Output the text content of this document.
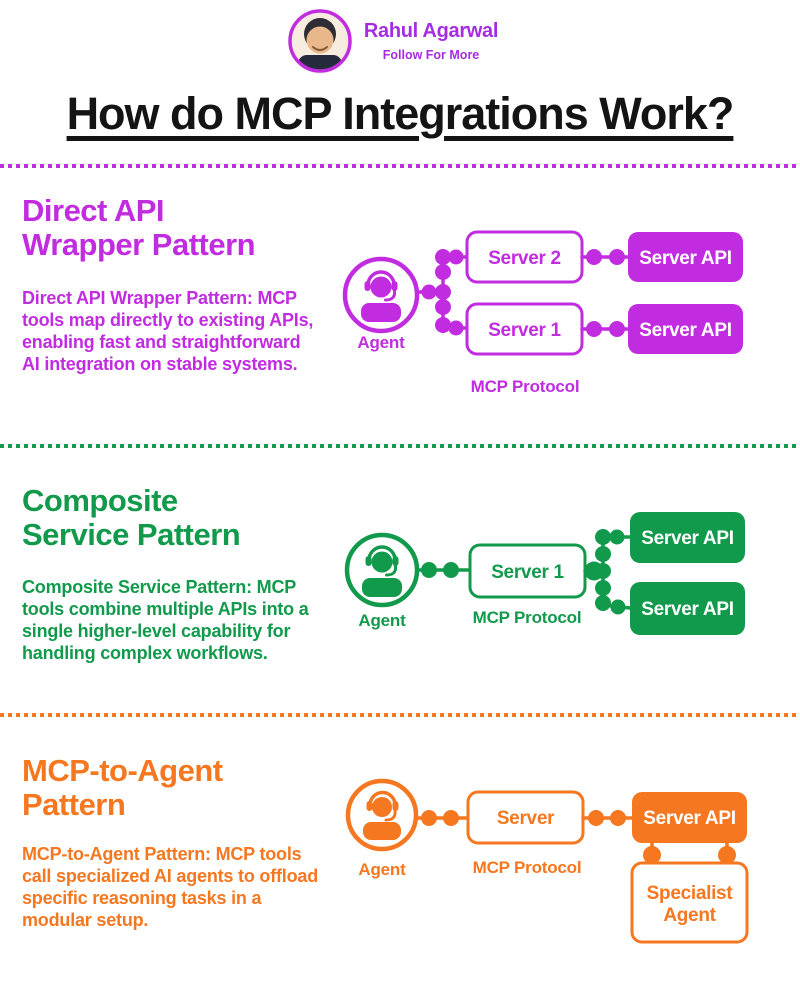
Rahul Agarwal
Follow For More
How do MCP Integrations Work?
Direct API
Wrapper Pattern

Direct API Wrapper Pattern: MCP tools map directly to existing APIs, enabling fast and straightforward AI integration on stable systems.

Agent
Server 2
Server 1
Server API
Server API
MCP Protocol
Composite
Service Pattern

Composite Service Pattern: MCP tools combine multiple APIs into a single higher-level capability for handling complex workflows.

Agent
Server 1
MCP Protocol
Server API
Server API
MCP-to-Agent
Pattern

MCP-to-Agent Pattern: MCP tools call specialized AI agents to offload specific reasoning tasks in a modular setup.

Agent
Server
MCP Protocol
Server API
Specialist
Agent
